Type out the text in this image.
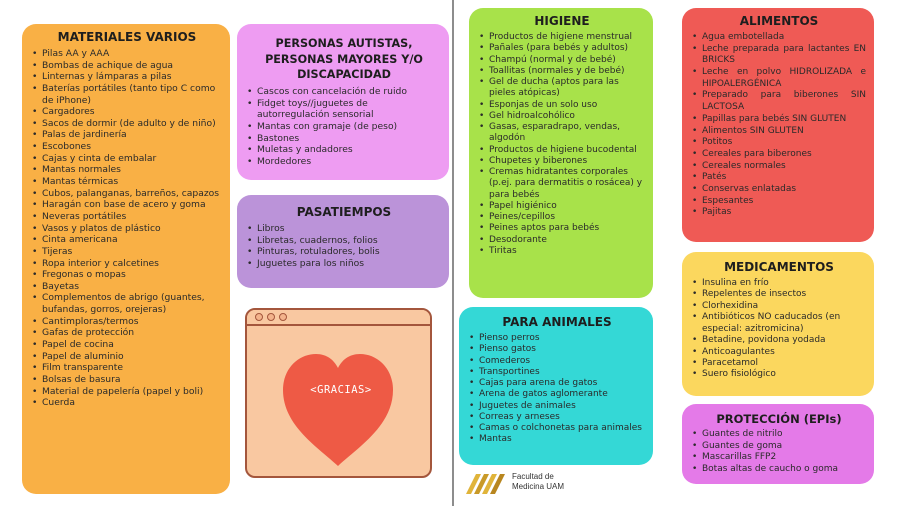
MATERIALES VARIOS
• Pilas AA y AAA
• Bombas de achique de agua
• Linternas y lámparas a pilas
• Baterías portátiles (tanto tipo C como de iPhone)
• Cargadores
• Sacos de dormir (de adulto y de niño)
• Palas de jardinería
• Escobones
• Cajas y cinta de embalar
• Mantas normales
• Mantas térmicas
• Cubos, palanganas, barreños, capazos
• Haragán con base de acero y goma
• Neveras portátiles
• Vasos y platos de plástico
• Cinta americana
• Tijeras
• Ropa interior y calcetines
• Fregonas o mopas
• Bayetas
• Complementos de abrigo (guantes, bufandas, gorros, orejeras)
• Cantimploras/termos
• Gafas de protección
• Papel de cocina
• Papel de aluminio
• Film transparente
• Bolsas de basura
• Material de papelería (papel y boli)
• Cuerda
PERSONAS AUTISTAS, PERSONAS MAYORES Y/O DISCAPACIDAD
• Cascos con cancelación de ruido
• Fidget toys//juguetes de autorregulación sensorial
• Mantas con gramaje (de peso)
• Bastones
• Muletas y andadores
• Mordedores
PASATIEMPOS
• Libros
• Libretas, cuadernos, folios
• Pinturas, rotuladores, bolis
• Juguetes para los niños
<GRACIAS>
HIGIENE
• Productos de higiene menstrual
• Pañales (para bebés y adultos)
• Champú (normal y de bebé)
• Toallitas (normales y de bebé)
• Gel de ducha (aptos para las pieles atópicas)
• Esponjas de un solo uso
• Gel hidroalcohólico
• Gasas, esparadrapo, vendas, algodón
• Productos de higiene bucodental
• Chupetes y biberones
• Cremas hidratantes corporales (p.ej. para dermatitis o rosácea) y para bebés
• Papel higiénico
• Peines/cepillos
• Peines aptos para bebés
• Desodorante
• Tiritas
PARA ANIMALES
• Pienso perros
• Pienso gatos
• Comederos
• Transportines
• Cajas para arena de gatos
• Arena de gatos aglomerante
• Juguetes de animales
• Correas y arneses
• Camas o colchonetas para animales
• Mantas
ALIMENTOS
• Agua embotellada
• Leche preparada para lactantes EN BRICKS
• Leche en polvo HIDROLIZADA e HIPOALERGÉNICA
• Preparado para biberones SIN LACTOSA
• Papillas para bebés SIN GLUTEN
• Alimentos SIN GLUTEN
• Potitos
• Cereales para biberones
• Cereales normales
• Patés
• Conservas enlatadas
• Espesantes
• Pajitas
MEDICAMENTOS
• Insulina en frío
• Repelentes de insectos
• Clorhexidina
• Antibióticos NO caducados (en especial: azitromicina)
• Betadine, povidona yodada
• Anticoagulantes
• Paracetamol
• Suero fisiológico
PROTECCIÓN (EPIs)
• Guantes de nitrilo
• Guantes de goma
• Mascarillas FFP2
• Botas altas de caucho o goma
Facultad de
Medicina UAM
